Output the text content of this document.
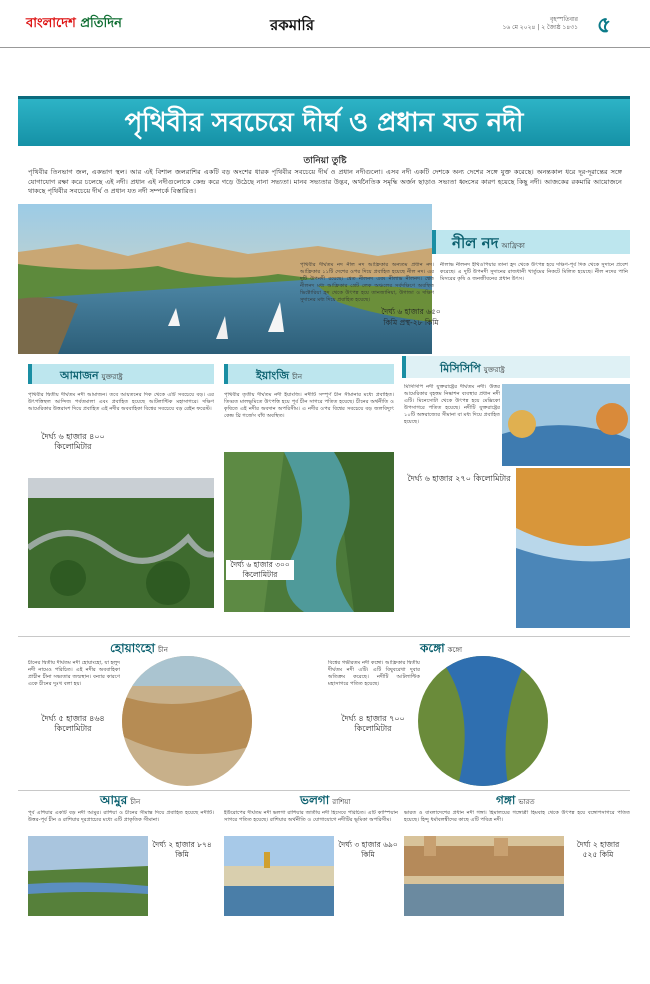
বাংলাদেশ প্রতিদিন	রকমারি	বৃহস্পতিবার
১৬ মে ২০২৪ | ২ জ্যৈষ্ঠ ১৪৩১ ৫
পৃথিবীর সবচেয়ে দীর্ঘ ও প্রধান যত নদী
তানিয়া তুষ্টি
পৃথিবীর তিনভাগ জল, একভাগ স্থল। আর এই বিশাল জলরাশির একটি বড় অংশের ধারক পৃথিবীর সবচেয়ে দীর্ঘ ও প্রধান নদীগুলো। এসব নদী একটি দেশকে অন্য দেশের সঙ্গে যুক্ত করেছে। অনন্তকাল ধরে দূর-দূরান্তের সঙ্গে যোগাযোগ রক্ষা করে চলেছে এই নদী। প্রধান এই নদীগুলোকে কেন্দ্র করে গড়ে উঠেছে নানা সভ্যতা। মানব সভ্যতার উদ্ভব, অর্থনৈতিক সমৃদ্ধি অর্জন ছাড়াও সভ্যতা ধ্বংসের কারণ হয়েছে কিছু নদী। আজকের রকমারি আয়োজনে থাকছে পৃথিবীর সবচেয়ে দীর্ঘ ও প্রধান যত নদী সম্পর্কে বিস্তারিত।
নীল নদ আফ্রিকা
পৃথিবীর দীর্ঘতম নদ নীল নদ আফ্রিকার অন্যতম প্রধান নদ। আফ্রিকার ১১টি দেশের ওপর দিয়ে প্রবাহিত হয়েছে নীল নদ। এর দুটি উপনদী রয়েছে। শ্বেত নীলনদ এবং নীলাভ নীলনদ। শ্বেত নীলনদ মধ্য আফ্রিকার গ্রেট লেক অঞ্চলের সর্বদক্ষিণে অবস্থিত ভিক্টোরিয়া হ্রদ থেকে উৎপন্ন হয়ে তানজানিয়া, উগান্ডা ও দক্ষিণ সুদানের মধ্য দিয়ে প্রবাহিত হয়েছে।
নীলাভ নীলনদ ইথিওপিয়ার তানা হ্রদ থেকে উৎপন্ন হয়ে দক্ষিণ-পূর্ব দিক থেকে সুদানে প্রবেশ করেছে। এ দুটি উপনদী সুদানের রাজধানী খার্তুমের নিকটে মিলিত হয়েছে। নীল নদের পানি মিসরের কৃষি ও জনজীবনের প্রধান উৎস।
দৈর্ঘ্য ৬ হাজার ৬৫০ কিমি প্রস্থ-২৮ কিমি
আমাজন যুক্তরাষ্ট্র
পৃথিবীর দ্বিতীয় দীর্ঘতম নদী আমাজন। তবে আয়তনের দিক থেকে এটি সবচেয়ে বড়। এর উৎপত্তিস্থল আন্দিজ পর্বতমালা এবং প্রবাহিত হয়েছে আটলান্টিক মহাসাগরে। দক্ষিণ আমেরিকার উত্তরাংশ দিয়ে প্রবাহিত এই নদীর অববাহিকা বিশ্বের সবচেয়ে বড় রেইন ফরেস্ট।
দৈর্ঘ্য ৬ হাজার ৪০০ কিলোমিটার
ইয়াংজি চীন
পৃথিবীর তৃতীয় দীর্ঘতম নদী ইয়াংজি। নদীটি সম্পূর্ণ চীন সীমানার মধ্যে প্রবাহিত। তিব্বত মালভূমিতে উৎপত্তি হয়ে পূর্ব চীন সাগরে পতিত হয়েছে। চীনের অর্থনীতি ও কৃষিতে এই নদীর অবদান অপরিসীম। এ নদীর ওপর বিশ্বের সবচেয়ে বড় জলবিদ্যুৎ কেন্দ্র থ্রি গর্জেস বাঁধ অবস্থিত।
দৈর্ঘ্য ৬ হাজার ৩০০ কিলোমিটার
মিসিসিপি যুক্তরাষ্ট্র
মিসিসিপি নদী যুক্তরাষ্ট্রের দীর্ঘতম নদী। উত্তর আমেরিকার বৃহত্তম নিষ্কাশন ব্যবস্থার প্রধান নদী এটি। মিনেসোটা থেকে উৎপন্ন হয়ে মেক্সিকো উপসাগরে পতিত হয়েছে। নদীটি যুক্তরাষ্ট্রের ১০টি অঙ্গরাজ্যের সীমানা বা মধ্য দিয়ে প্রবাহিত হয়েছে।
দৈর্ঘ্য ৬ হাজার ২৭০ কিলোমিটার
হোয়াংহো চীন
চীনের দ্বিতীয় দীর্ঘতম নদী হোয়াংহো, যা হলুদ নদী নামেও পরিচিত। এই নদীর অববাহিকা প্রাচীন চীনা সভ্যতার জন্মস্থান। বন্যার কারণে একে চীনের দুঃখ বলা হয়।
দৈর্ঘ্য ৫ হাজার ৪৬৪ কিলোমিটার
কঙ্গো কঙ্গো
বিশ্বের গভীরতম নদী কঙ্গো। আফ্রিকার দ্বিতীয় দীর্ঘতম নদী এটি। এটি বিষুবরেখা দুবার অতিক্রম করেছে। নদীটি আটলান্টিক মহাসাগরে পতিত হয়েছে।
দৈর্ঘ্য ৪ হাজার ৭০০ কিলোমিটার
আমুর চীন
পূর্ব এশিয়ার একটি বড় নদী আমুর। রাশিয়া ও চীনের সীমান্ত দিয়ে প্রবাহিত হয়েছে নদীটি। উত্তর-পূর্ব চীন ও রাশিয়ার দূরপ্রাচ্যের মধ্যে এটি প্রাকৃতিক সীমানা।
দৈর্ঘ্য ২ হাজার ৮৭৪ কিমি
ভলগা রাশিয়া
ইউরোপের দীর্ঘতম নদী ভলগা রাশিয়ার জাতীয় নদী হিসেবে পরিচিত। এটি কাস্পিয়ান সাগরে পতিত হয়েছে। রাশিয়ার অর্থনীতি ও যোগাযোগে নদীটির ভূমিকা অপরিসীম।
দৈর্ঘ্য ৩ হাজার ৬৯০ কিমি
গঙ্গা ভারত
ভারত ও বাংলাদেশের প্রধান নদী গঙ্গা। হিমালয়ের গঙ্গোত্রী হিমবাহ থেকে উৎপন্ন হয়ে বঙ্গোপসাগরে পতিত হয়েছে। হিন্দু ধর্মাবলম্বীদের কাছে এটি পবিত্র নদী।
দৈর্ঘ্য ২ হাজার ৫২৫ কিমি
